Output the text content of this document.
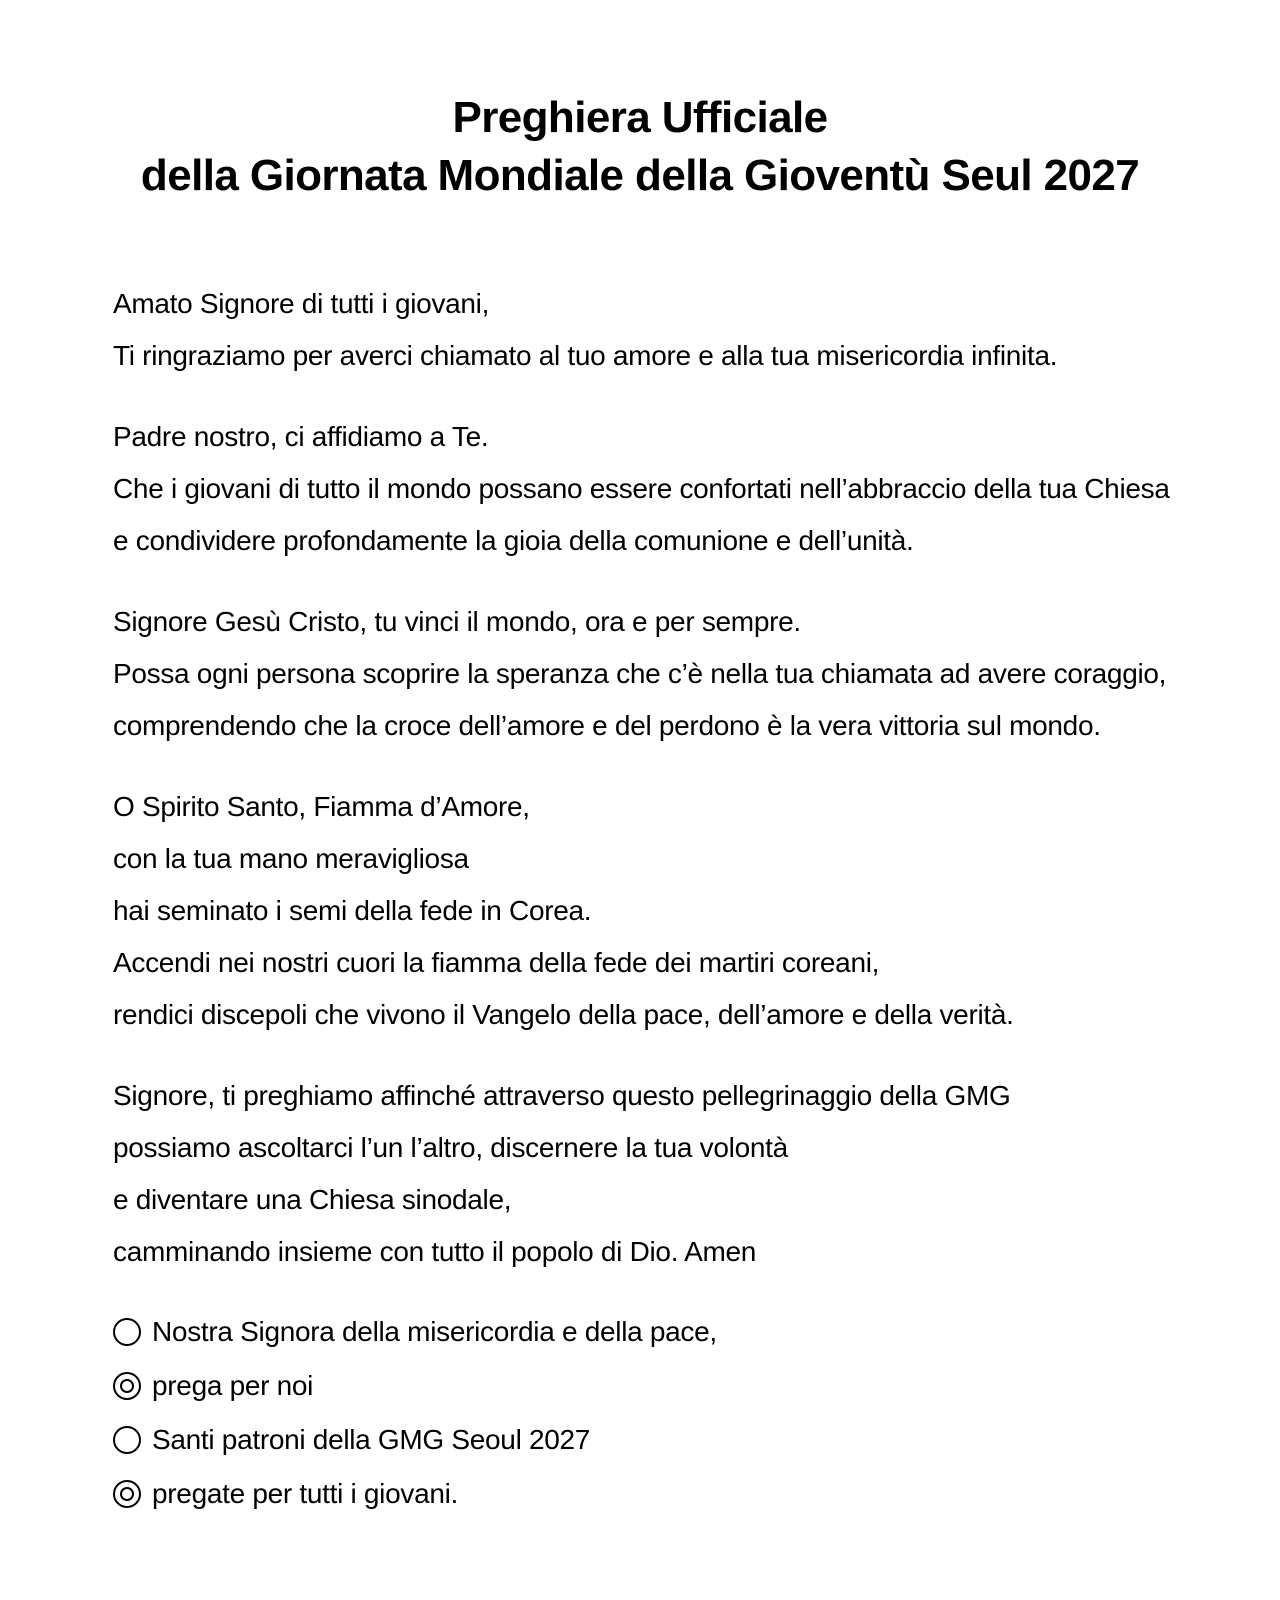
Preghiera Ufficiale
della Giornata Mondiale della Gioventù Seul 2027

Amato Signore di tutti i giovani,
Ti ringraziamo per averci chiamato al tuo amore e alla tua misericordia infinita.

Padre nostro, ci affidiamo a Te.
Che i giovani di tutto il mondo possano essere confortati nell’abbraccio della tua Chiesa
e condividere profondamente la gioia della comunione e dell’unità.

Signore Gesù Cristo, tu vinci il mondo, ora e per sempre.
Possa ogni persona scoprire la speranza che c’è nella tua chiamata ad avere coraggio,
comprendendo che la croce dell’amore e del perdono è la vera vittoria sul mondo.

O Spirito Santo, Fiamma d’Amore,
con la tua mano meravigliosa
hai seminato i semi della fede in Corea.
Accendi nei nostri cuori la fiamma della fede dei martiri coreani,
rendici discepoli che vivono il Vangelo della pace, dell’amore e della verità.

Signore, ti preghiamo affinché attraverso questo pellegrinaggio della GMG
possiamo ascoltarci l’un l’altro, discernere la tua volontà
e diventare una Chiesa sinodale,
camminando insieme con tutto il popolo di Dio. Amen

Nostra Signora della misericordia e della pace,
prega per noi
Santi patroni della GMG Seoul 2027
pregate per tutti i giovani.
